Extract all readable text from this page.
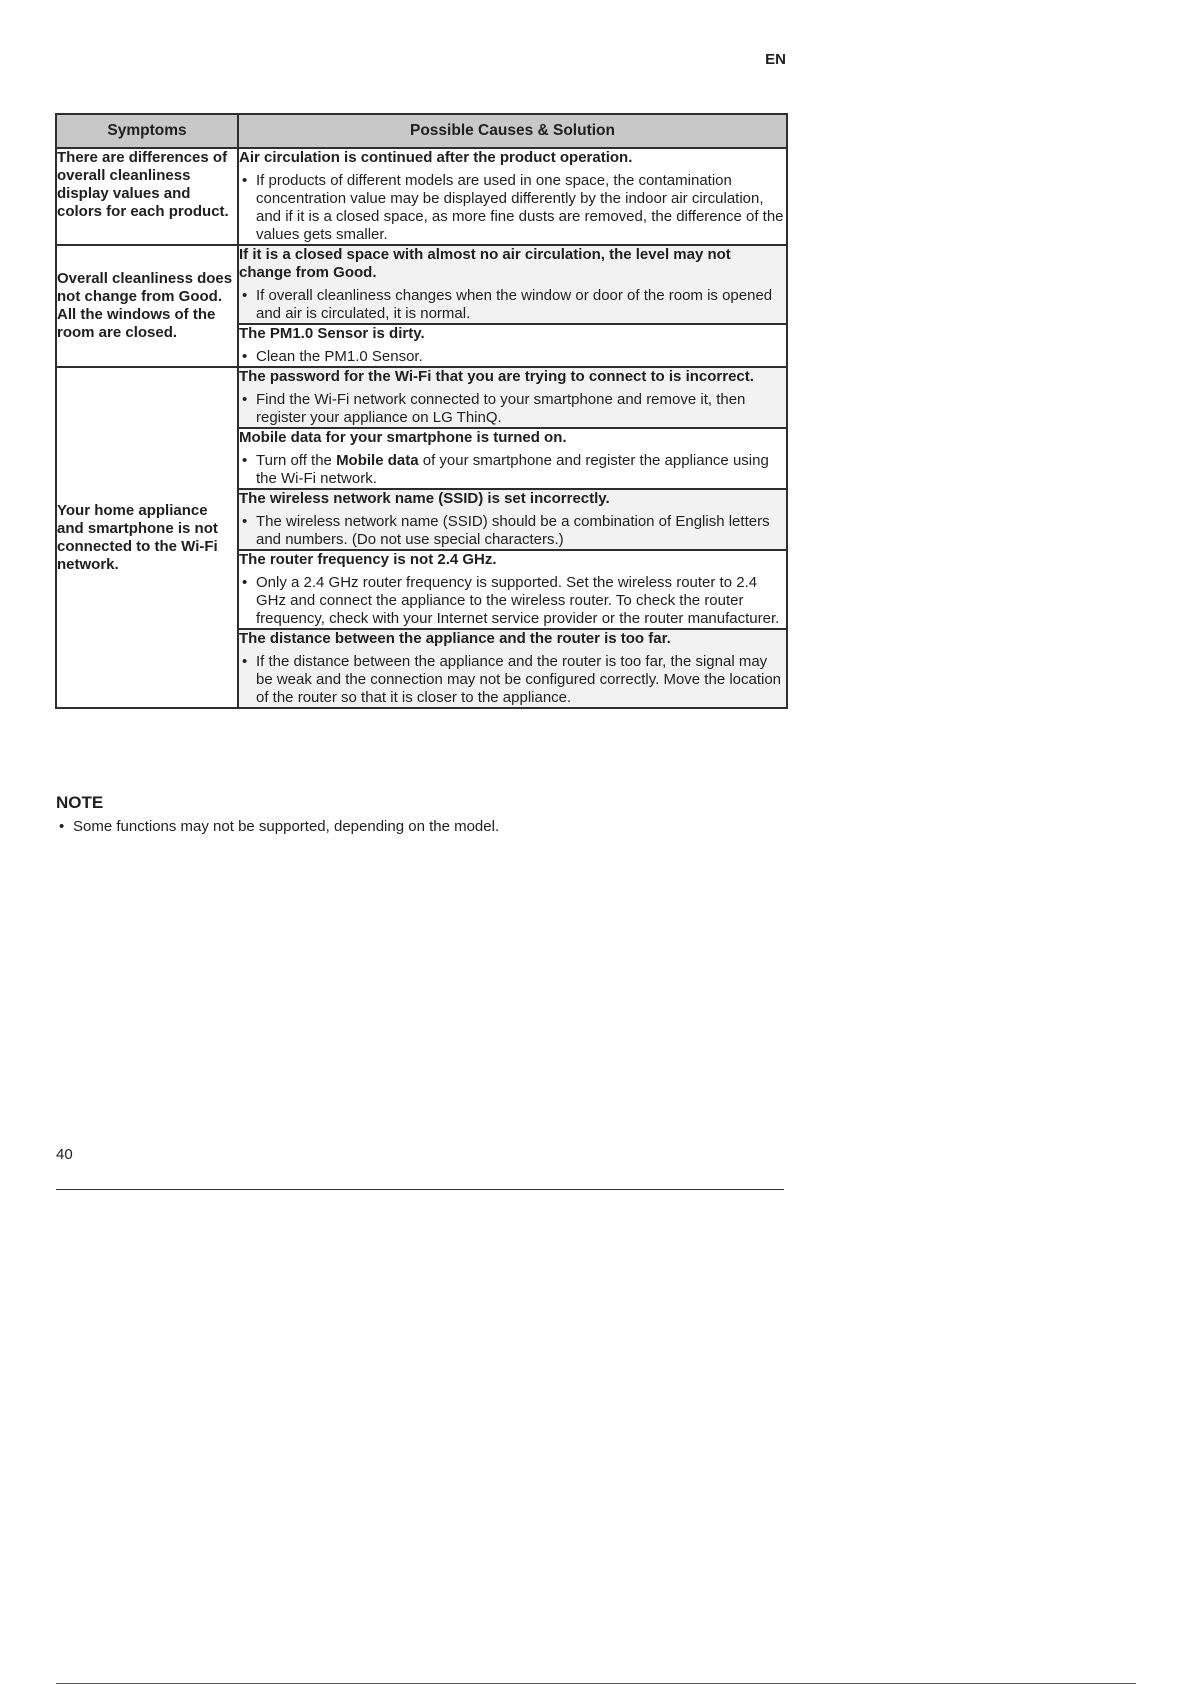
EN
Symptoms	Possible Causes & Solution
There are differences of overall cleanliness display values and colors for each product.	Air circulation is continued after the product operation.
• If products of different models are used in one space, the contamination concentration value may be displayed differently by the indoor air circulation, and if it is a closed space, as more fine dusts are removed, the difference of the values gets smaller.

Overall cleanliness does not change from Good. All the windows of the room are closed.	If it is a closed space with almost no air circulation, the level may not change from Good.
• If overall cleanliness changes when the window or door of the room is opened and air is circulated, it is normal.

	The PM1.0 Sensor is dirty.
• Clean the PM1.0 Sensor.

Your home appliance and smartphone is not connected to the Wi-Fi network.	The password for the Wi-Fi that you are trying to connect to is incorrect.
• Find the Wi-Fi network connected to your smartphone and remove it, then register your appliance on LG ThinQ.

	Mobile data for your smartphone is turned on.
• Turn off the Mobile data of your smartphone and register the appliance using the Wi-Fi network.

	The wireless network name (SSID) is set incorrectly.
• The wireless network name (SSID) should be a combination of English letters and numbers. (Do not use special characters.)

	The router frequency is not 2.4 GHz.
• Only a 2.4 GHz router frequency is supported. Set the wireless router to 2.4 GHz and connect the appliance to the wireless router. To check the router frequency, check with your Internet service provider or the router manufacturer.

	The distance between the appliance and the router is too far.
• If the distance between the appliance and the router is too far, the signal may be weak and the connection may not be configured correctly. Move the location of the router so that it is closer to the appliance.
NOTE
• Some functions may not be supported, depending on the model.
40
